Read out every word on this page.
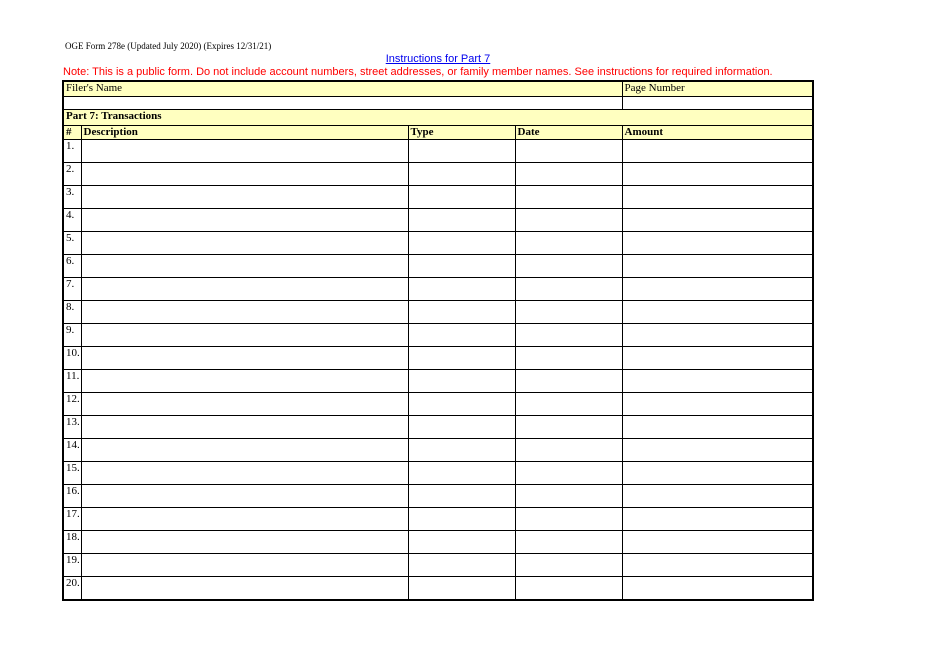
OGE Form 278e (Updated July 2020) (Expires 12/31/21)
Instructions for Part 7
Note: This is a public form. Do not include account numbers, street addresses, or family member names. See instructions for required information.
Filer's Name				Page Number

Part 7: Transactions				
#	Description	Type	Date	Amount
1.				
2.				
3.				
4.				
5.				
6.				
7.				
8.				
9.				
10.				
11.				
12.				
13.				
14.				
15.				
16.				
17.				
18.				
19.				
20.				
